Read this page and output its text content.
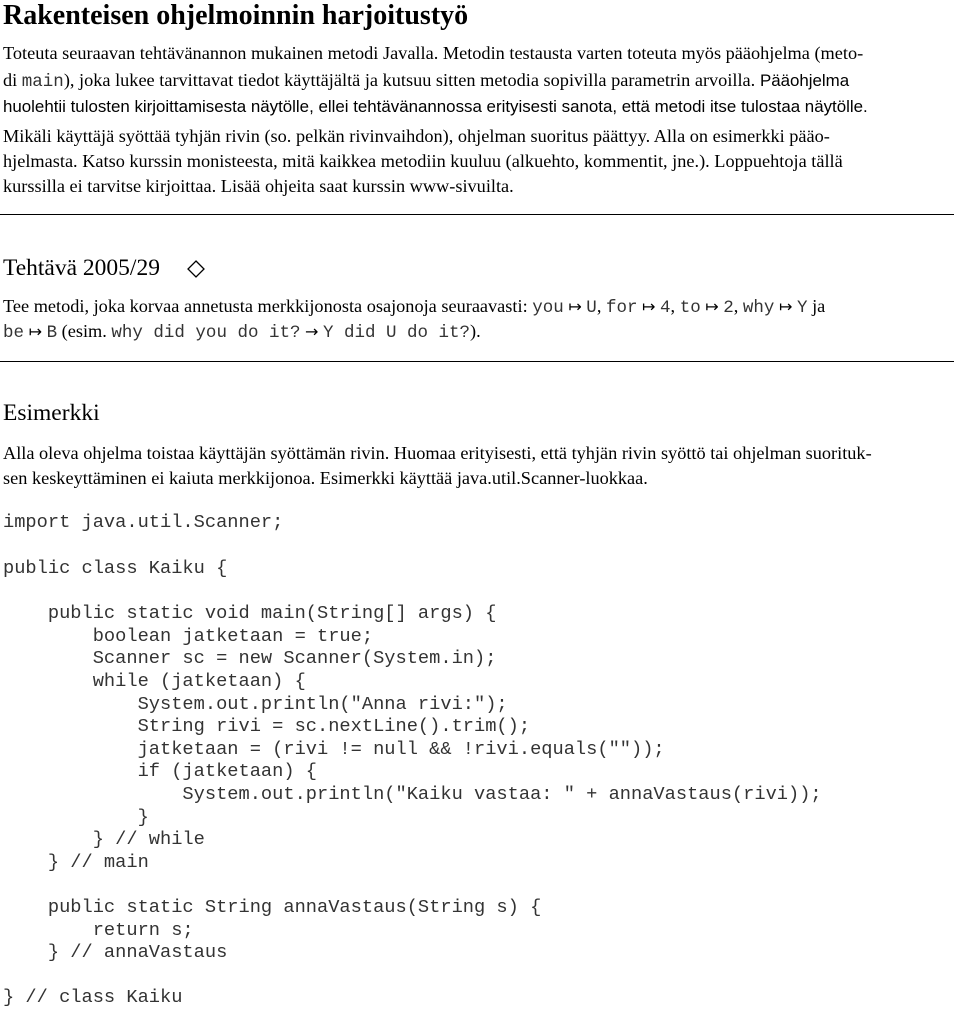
Rakenteisen ohjelmoinnin harjoitustyö
Toteuta seuraavan tehtävänannon mukainen metodi Javalla. Metodin testausta varten toteuta myös pääohjelma (meto-
di main), joka lukee tarvittavat tiedot käyttäjältä ja kutsuu sitten metodia sopivilla parametrin arvoilla. Pääohjelma
huolehtii tulosten kirjoittamisesta näytölle, ellei tehtävänannossa erityisesti sanota, että metodi itse tulostaa näytölle.
Mikäli käyttäjä syöttää tyhjän rivin (so. pelkän rivinvaihdon), ohjelman suoritus päättyy. Alla on esimerkki pääo-
hjelmasta. Katso kurssin monisteesta, mitä kaikkea metodiin kuuluu (alkuehto, kommentit, jne.). Loppuehtoja tällä
kurssilla ei tarvitse kirjoittaa. Lisää ohjeita saat kurssin www-sivuilta.
Tehtävä 2005/29
Tee metodi, joka korvaa annetusta merkkijonosta osajonoja seuraavasti: you ↦ U, for ↦ 4, to ↦ 2, why ↦ Y ja
be ↦ B (esim. why did you do it? → Y did U do it?).
Esimerkki
Alla oleva ohjelma toistaa käyttäjän syöttämän rivin. Huomaa erityisesti, että tyhjän rivin syöttö tai ohjelman suorituk-
sen keskeyttäminen ei kaiuta merkkijonoa. Esimerkki käyttää java.util.Scanner-luokkaa.
import java.util.Scanner;
public class Kaiku {

public static void main(String[] args) {
boolean jatketaan = true;
Scanner sc = new Scanner(System.in);
while (jatketaan) {
System.out.println("Anna rivi:");
String rivi = sc.nextLine().trim();
jatketaan = (rivi != null && !rivi.equals(""));
if (jatketaan) {
System.out.println("Kaiku vastaa: " + annaVastaus(rivi));
}
} // while
} // main

public static String annaVastaus(String s) {
return s;
} // annaVastaus

} // class Kaiku
